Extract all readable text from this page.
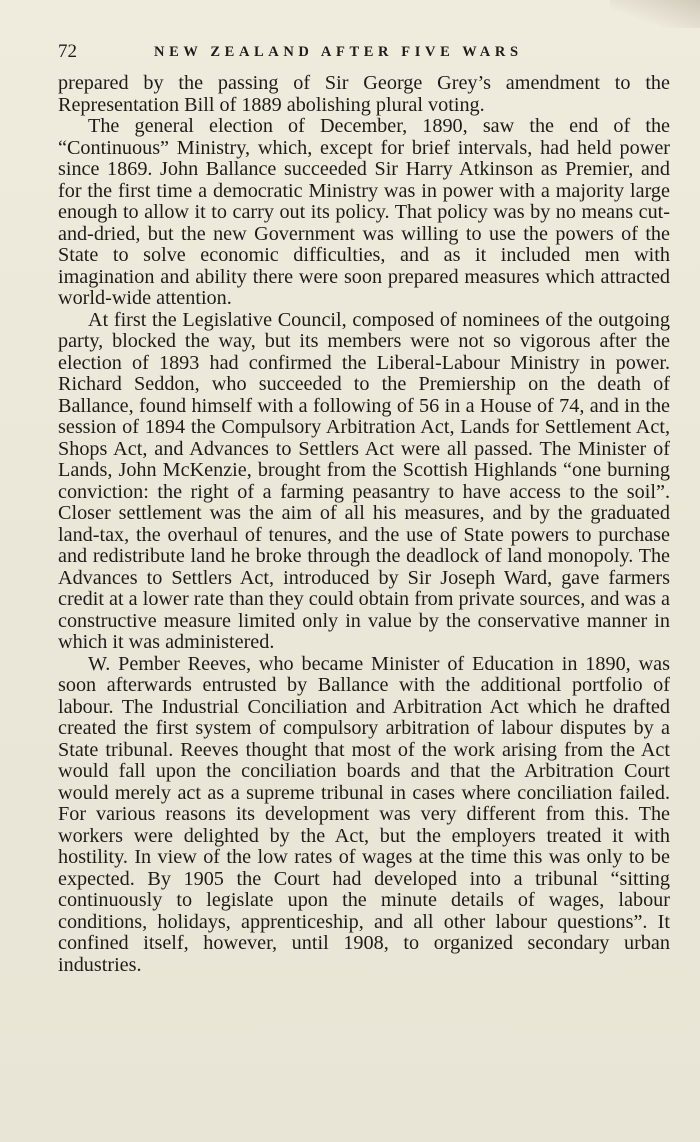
72	NEW ZEALAND AFTER FIVE WARS

prepared by the passing of Sir George Grey’s amendment to the Representation Bill of 1889 abolishing plural voting.

The general election of December, 1890, saw the end of the “Continuous” Ministry, which, except for brief intervals, had held power since 1869. John Ballance succeeded Sir Harry Atkinson as Premier, and for the first time a democratic Ministry was in power with a majority large enough to allow it to carry out its policy. That policy was by no means cut-and-dried, but the new Government was willing to use the powers of the State to solve economic difficulties, and as it included men with imagination and ability there were soon prepared measures which attracted world-wide attention.

At first the Legislative Council, composed of nominees of the outgoing party, blocked the way, but its members were not so vigorous after the election of 1893 had confirmed the Liberal-Labour Ministry in power. Richard Seddon, who succeeded to the Premiership on the death of Ballance, found himself with a following of 56 in a House of 74, and in the session of 1894 the Compulsory Arbitration Act, Lands for Settlement Act, Shops Act, and Advances to Settlers Act were all passed. The Minister of Lands, John McKenzie, brought from the Scottish Highlands “one burning conviction: the right of a farming peasantry to have access to the soil”. Closer settlement was the aim of all his measures, and by the graduated land-tax, the overhaul of tenures, and the use of State powers to purchase and redistribute land he broke through the deadlock of land monopoly. The Advances to Settlers Act, introduced by Sir Joseph Ward, gave farmers credit at a lower rate than they could obtain from private sources, and was a constructive measure limited only in value by the conservative manner in which it was administered.

W. Pember Reeves, who became Minister of Education in 1890, was soon afterwards entrusted by Ballance with the additional portfolio of labour. The Industrial Conciliation and Arbitration Act which he drafted created the first system of compulsory arbitration of labour disputes by a State tribunal. Reeves thought that most of the work arising from the Act would fall upon the conciliation boards and that the Arbitration Court would merely act as a supreme tribunal in cases where conciliation failed. For various reasons its development was very different from this. The workers were delighted by the Act, but the employers treated it with hostility. In view of the low rates of wages at the time this was only to be expected. By 1905 the Court had developed into a tribunal “sitting continuously to legislate upon the minute details of wages, labour conditions, holidays, apprenticeship, and all other labour questions”. It confined itself, however, until 1908, to organized secondary urban industries.
